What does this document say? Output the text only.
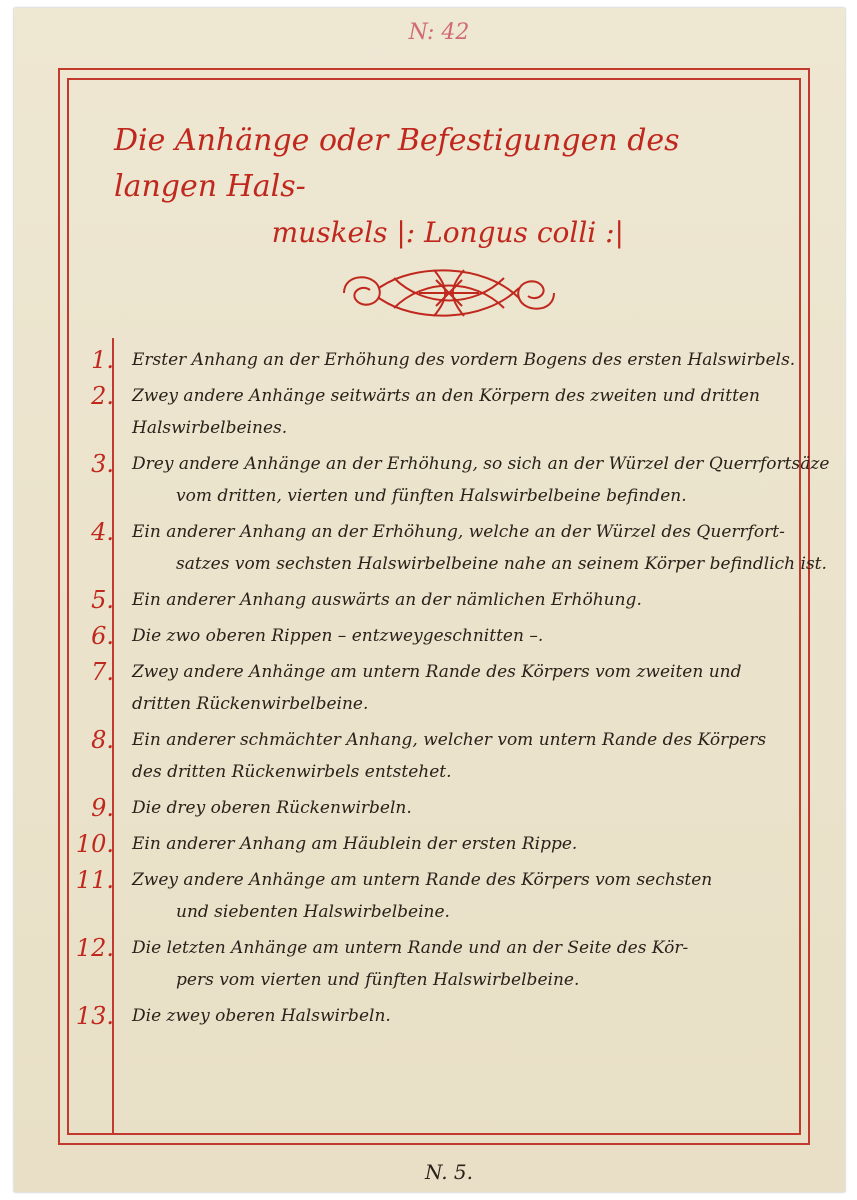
N: 42
Die Anhänge oder Befestigungen des langen Hals-
muskels |: Longus colli :|
1.	Erster Anhang an der Erhöhung des vordern Bogens des ersten Halswirbels.
2.	Zwey andere Anhänge seitwärts an den Körpern des zweiten und dritten
Halswirbelbeines.
3.	Drey andere Anhänge an der Erhöhung, so sich an der Würzel der Querrfortsäze
vom dritten, vierten und fünften Halswirbelbeine befinden.
4.	Ein anderer Anhang an der Erhöhung, welche an der Würzel des Querrfort-
satzes vom sechsten Halswirbelbeine nahe an seinem Körper befindlich ist.
5.	Ein anderer Anhang auswärts an der nämlichen Erhöhung.
6.	Die zwo oberen Rippen – entzweygeschnitten –.
7.	Zwey andere Anhänge am untern Rande des Körpers vom zweiten und
dritten Rückenwirbelbeine.
8.	Ein anderer schmächter Anhang, welcher vom untern Rande des Körpers
des dritten Rückenwirbels entstehet.
9.	Die drey oberen Rückenwirbeln.
10.	Ein anderer Anhang am Häublein der ersten Rippe.
11.	Zwey andere Anhänge am untern Rande des Körpers vom sechsten
und siebenten Halswirbelbeine.
12.	Die letzten Anhänge am untern Rande und an der Seite des Kör-
pers vom vierten und fünften Halswirbelbeine.
13.	Die zwey oberen Halswirbeln.
N. 5.
